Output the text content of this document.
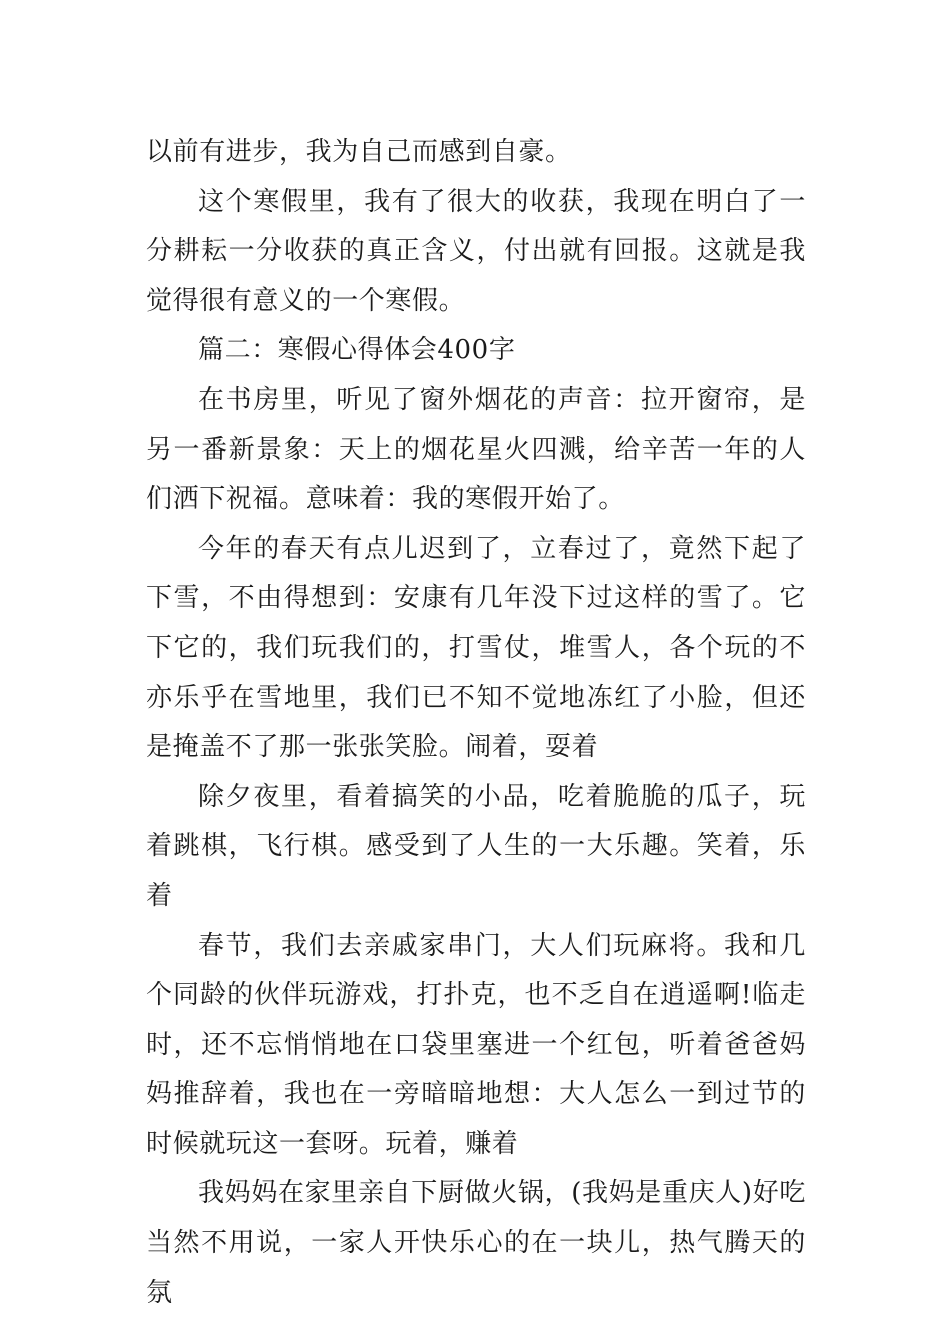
以前有进步，我为自己而感到自豪。

这个寒假里，我有了很大的收获，我现在明白了一分耕耘一分收获的真正含义，付出就有回报。这就是我觉得很有意义的一个寒假。

篇二：寒假心得体会400字

在书房里，听见了窗外烟花的声音：拉开窗帘，是另一番新景象：天上的烟花星火四溅，给辛苦一年的人们洒下祝福。意味着：我的寒假开始了。

今年的春天有点儿迟到了，立春过了，竟然下起了下雪，不由得想到：安康有几年没下过这样的雪了。它下它的，我们玩我们的，打雪仗，堆雪人，各个玩的不亦乐乎在雪地里，我们已不知不觉地冻红了小脸，但还是掩盖不了那一张张笑脸。闹着，耍着

除夕夜里，看着搞笑的小品，吃着脆脆的瓜子，玩着跳棋，飞行棋。感受到了人生的一大乐趣。笑着，乐着

春节，我们去亲戚家串门，大人们玩麻将。我和几个同龄的伙伴玩游戏，打扑克，也不乏自在逍遥啊!临走时，还不忘悄悄地在口袋里塞进一个红包，听着爸爸妈妈推辞着，我也在一旁暗暗地想：大人怎么一到过节的时候就玩这一套呀。玩着，赚着

我妈妈在家里亲自下厨做火锅，(我妈是重庆人)好吃当然不用说，一家人开快乐心的在一块儿，热气腾天的氛
